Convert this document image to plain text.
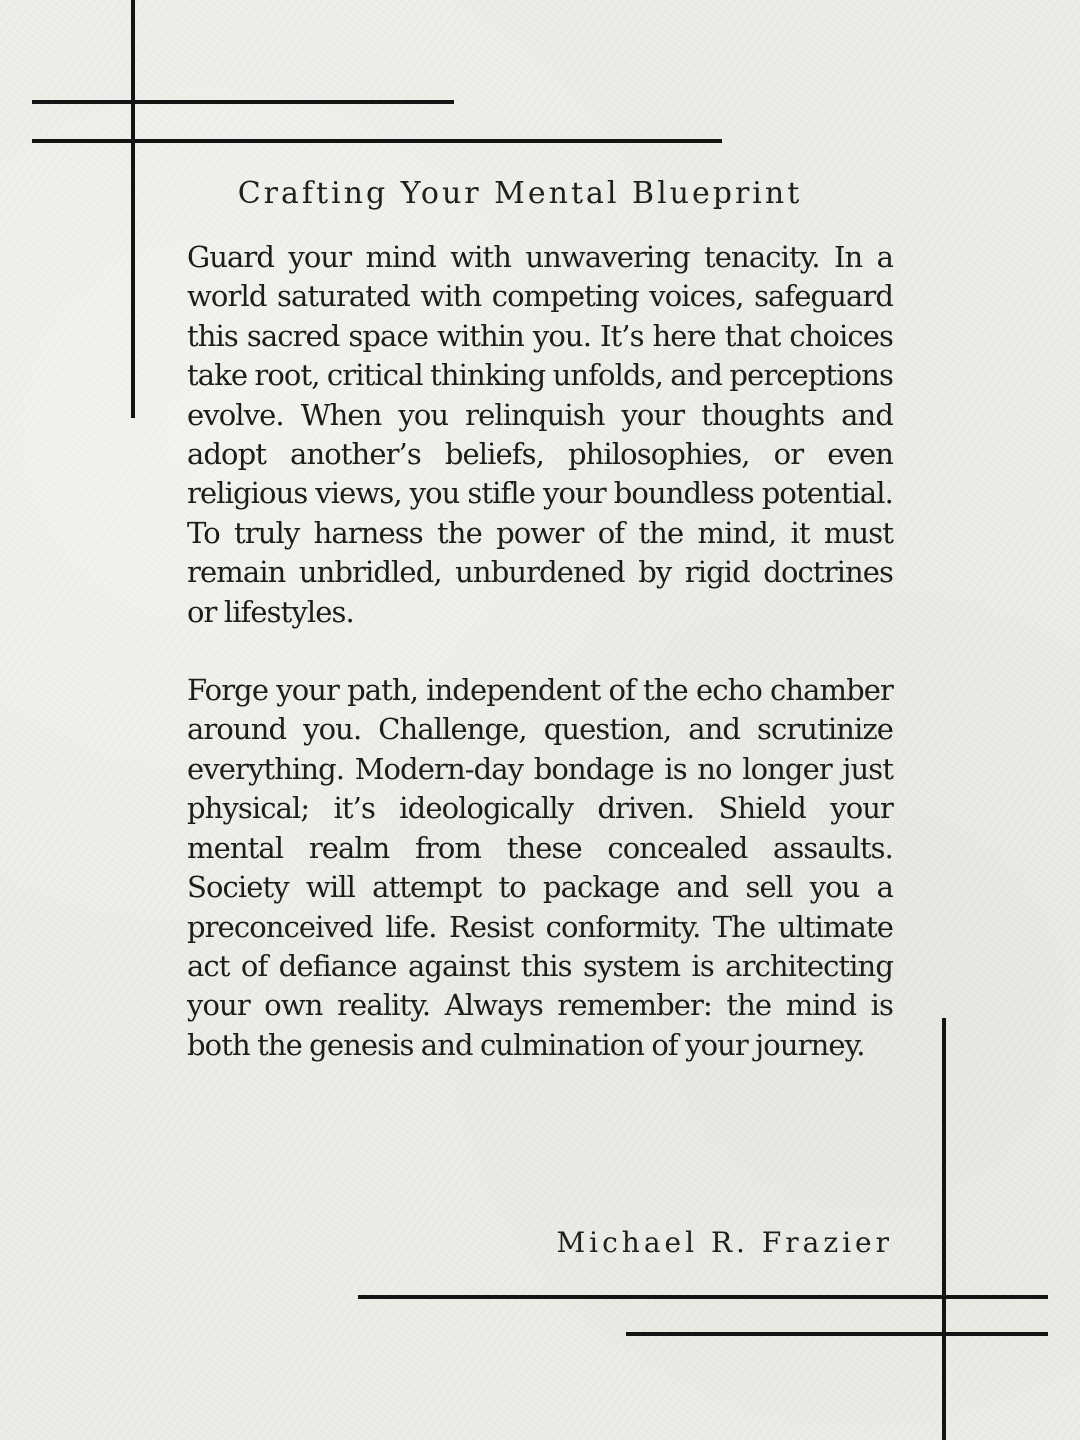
Crafting Your Mental Blueprint

Guard your mind with unwavering tenacity. In a world saturated with competing voices, safeguard this sacred space within you. It’s here that choices take root, critical thinking unfolds, and perceptions evolve. When you relinquish your thoughts and adopt another’s beliefs, philosophies, or even religious views, you stifle your boundless potential. To truly harness the power of the mind, it must remain unbridled, unburdened by rigid doctrines or lifestyles.

Forge your path, independent of the echo chamber around you. Challenge, question, and scrutinize everything. Modern-day bondage is no longer just physical; it’s ideologically driven. Shield your mental realm from these concealed assaults. Society will attempt to package and sell you a preconceived life. Resist conformity. The ultimate act of defiance against this system is architecting your own reality. Always remember: the mind is both the genesis and culmination of your journey.

Michael R. Frazier
